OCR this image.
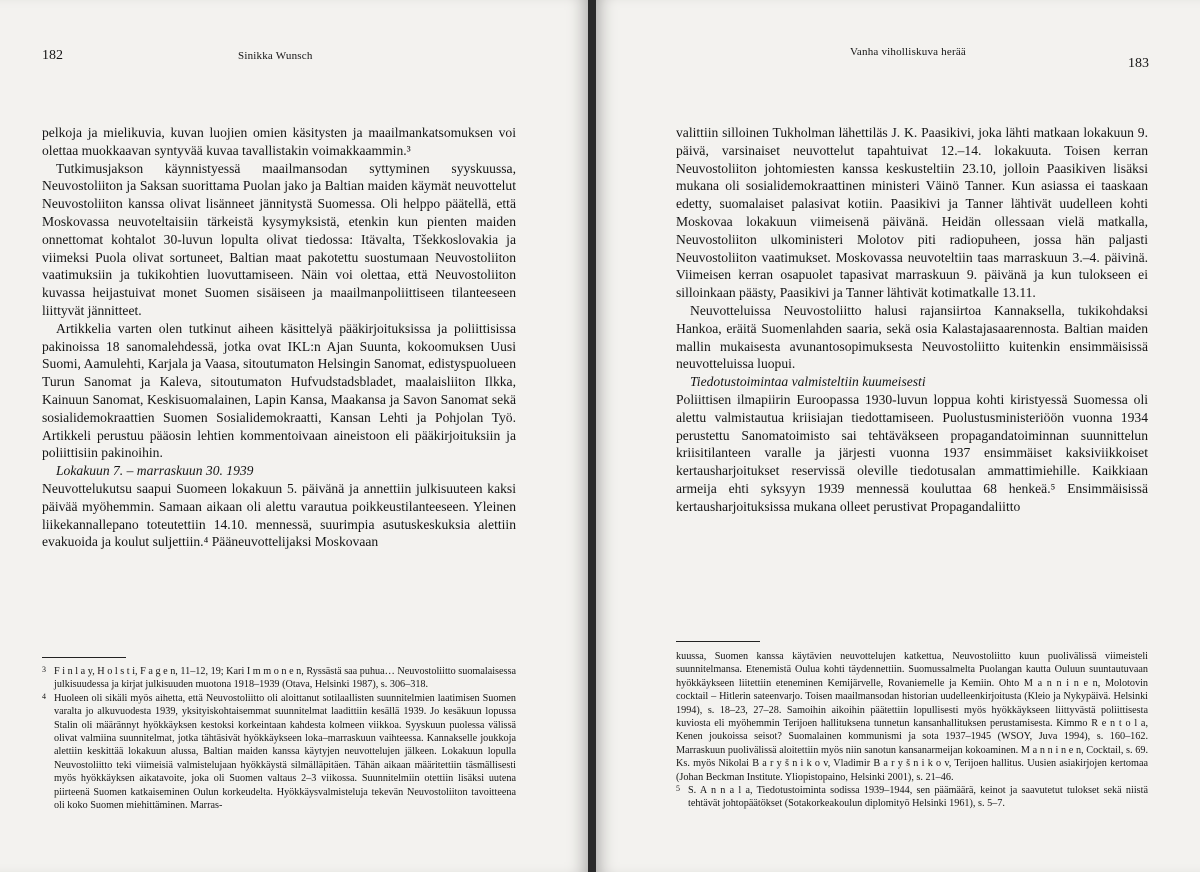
182	Sinikka Wunsch

pelkoja ja mielikuvia, kuvan luojien omien käsitysten ja maailmankatsomuksen voi olettaa muokkaavan syntyvää kuvaa tavallistakin voimakkaammin.³

Tutkimusjakson käynnistyessä maailmansodan syttyminen syyskuussa, Neuvostoliiton ja Saksan suorittama Puolan jako ja Baltian maiden käymät neuvottelut Neuvostoliiton kanssa olivat lisänneet jännitystä Suomessa. Oli helppo päätellä, että Moskovassa neuvoteltaisiin tärkeistä kysymyksistä, etenkin kun pienten maiden onnettomat kohtalot 30-luvun lopulta olivat tiedossa: Itävalta, Tšekkoslovakia ja viimeksi Puola olivat sortuneet, Baltian maat pakotettu suostumaan Neuvostoliiton vaatimuksiin ja tukikohtien luovuttamiseen. Näin voi olettaa, että Neuvostoliiton kuvassa heijastuivat monet Suomen sisäiseen ja maailmanpoliittiseen tilanteeseen liittyvät jännitteet.

Artikkelia varten olen tutkinut aiheen käsittelyä pääkirjoituksissa ja poliittisissa pakinoissa 18 sanomalehdessä, jotka ovat IKL:n Ajan Suunta, kokoomuksen Uusi Suomi, Aamulehti, Karjala ja Vaasa, sitoutumaton Helsingin Sanomat, edistyspuolueen Turun Sanomat ja Kaleva, sitoutumaton Hufvudstadsbladet, maalaisliiton Ilkka, Kainuun Sanomat, Keskisuomalainen, Lapin Kansa, Maakansa ja Savon Sanomat sekä sosialidemokraattien Suomen Sosialidemokraatti, Kansan Lehti ja Pohjolan Työ. Artikkeli perustuu pääosin lehtien kommentoivaan aineistoon eli pääkirjoituksiin ja poliittisiin pakinoihin.

Lokakuun 7. – marraskuun 30. 1939

Neuvottelukutsu saapui Suomeen lokakuun 5. päivänä ja annettiin julkisuuteen kaksi päivää myöhemmin. Samaan aikaan oli alettu varautua poikkeustilanteeseen. Yleinen liikekannallepano toteutettiin 14.10. mennessä, suurimpia asutuskeskuksia alettiin evakuoida ja koulut suljettiin.⁴ Pääneuvottelijaksi Moskovaan

3 F i n l a y, H o l s t i, F a g e n, 11–12, 19; Kari I m m o n e n, Ryssästä saa puhua… Neuvostoliitto suomalaisessa julkisuudessa ja kirjat julkisuuden muotona 1918–1939 (Otava, Helsinki 1987), s. 306–318.

4 Huoleen oli sikäli myös aihetta, että Neuvostoliitto oli aloittanut sotilaallisten suunnitelmien laatimisen Suomen varalta jo alkuvuodesta 1939, yksityiskohtaisemmat suunnitelmat laadittiin kesällä 1939. Jo kesäkuun lopussa Stalin oli määrännyt hyökkäyksen kestoksi korkeintaan kahdesta kolmeen viikkoa. Syyskuun puolessa välissä olivat valmiina suunnitelmat, jotka tähtäsivät hyökkäykseen loka–marraskuun vaihteessa. Kannakselle joukkoja alettiin keskittää lokakuun alussa, Baltian maiden kanssa käytyjen neuvottelujen jälkeen. Lokakuun lopulla Neuvostoliitto teki viimeisiä valmistelujaan hyökkäystä silmälläpitäen. Tähän aikaan määritettiin täsmällisesti myös hyökkäyksen aikatavoite, joka oli Suomen valtaus 2–3 viikossa. Suunnitelmiin otettiin lisäksi uutena piirteenä Suomen katkaiseminen Oulun korkeudelta. Hyökkäysvalmisteluja tekevän Neuvostoliiton tavoitteena oli koko Suomen miehittäminen. Marras-

Vanha viholliskuva herää
183

valittiin silloinen Tukholman lähettiläs J. K. Paasikivi, joka lähti matkaan lokakuun 9. päivä, varsinaiset neuvottelut tapahtuivat 12.–14. lokakuuta. Toisen kerran Neuvostoliiton johtomiesten kanssa keskusteltiin 23.10, jolloin Paasikiven lisäksi mukana oli sosialidemokraattinen ministeri Väinö Tanner. Kun asiassa ei taaskaan edetty, suomalaiset palasivat kotiin. Paasikivi ja Tanner lähtivät uudelleen kohti Moskovaa lokakuun viimeisenä päivänä. Heidän ollessaan vielä matkalla, Neuvostoliiton ulkoministeri Molotov piti radiopuheen, jossa hän paljasti Neuvostoliiton vaatimukset. Moskovassa neuvoteltiin taas marraskuun 3.–4. päivinä. Viimeisen kerran osapuolet tapasivat marraskuun 9. päivänä ja kun tulokseen ei silloinkaan päästy, Paasikivi ja Tanner lähtivät kotimatkalle 13.11.

Neuvotteluissa Neuvostoliitto halusi rajansiirtoa Kannaksella, tukikohdaksi Hankoa, eräitä Suomenlahden saaria, sekä osia Kalastajasaarennosta. Baltian maiden mallin mukaisesta avunantosopimuksesta Neuvostoliitto kuitenkin ensimmäisissä neuvotteluissa luopui.

Tiedotustoimintaa valmisteltiin kuumeisesti

Poliittisen ilmapiirin Euroopassa 1930-luvun loppua kohti kiristyessä Suomessa oli alettu valmistautua kriisiajan tiedottamiseen. Puolustusministeriöön vuonna 1934 perustettu Sanomatoimisto sai tehtäväkseen propagandatoiminnan suunnittelun kriisitilanteen varalle ja järjesti vuonna 1937 ensimmäiset kaksiviikkoiset kertausharjoitukset reservissä oleville tiedotusalan ammattimiehille. Kaikkiaan armeija ehti syksyyn 1939 mennessä kouluttaa 68 henkeä.⁵ Ensimmäisissä kertausharjoituksissa mukana olleet perustivat Propagandaliitto

kuussa, Suomen kanssa käytävien neuvottelujen katkettua, Neuvostoliitto kuun puolivälissä viimeisteli suunnitelmansa. Etenemistä Oulua kohti täydennettiin. Suomussalmelta Puolangan kautta Ouluun suuntautuvaan hyökkäykseen liitettiin eteneminen Kemijärvelle, Rovaniemelle ja Kemiin. Ohto M a n n i n e n, Molotovin cocktail – Hitlerin sateenvarjo. Toisen maailmansodan historian uudelleenkirjoitusta (Kleio ja Nykypäivä. Helsinki 1994), s. 18–23, 27–28. Samoihin aikoihin päätettiin lopullisesti myös hyökkäykseen liittyvästä poliittisesta kuviosta eli myöhemmin Terijoen hallituksena tunnetun kansanhallituksen perustamisesta. Kimmo R e n t o l a, Kenen joukoissa seisot? Suomalainen kommunismi ja sota 1937–1945 (WSOY, Juva 1994), s. 160–162. Marraskuun puolivälissä aloitettiin myös niin sanotun kansanarmeijan kokoaminen. M a n n i n e n, Cocktail, s. 69. Ks. myös Nikolai B a r y š n i k o v, Vladimir B a r y š n i k o v, Terijoen hallitus. Uusien asiakirjojen kertomaa (Johan Beckman Institute. Yliopistopaino, Helsinki 2001), s. 21–46.

5 S. A n n a l a, Tiedotustoiminta sodissa 1939–1944, sen päämäärä, keinot ja saavutetut tulokset sekä niistä tehtävät johtopäätökset (Sotakorkeakoulun diplomityö Helsinki 1961), s. 5–7.
